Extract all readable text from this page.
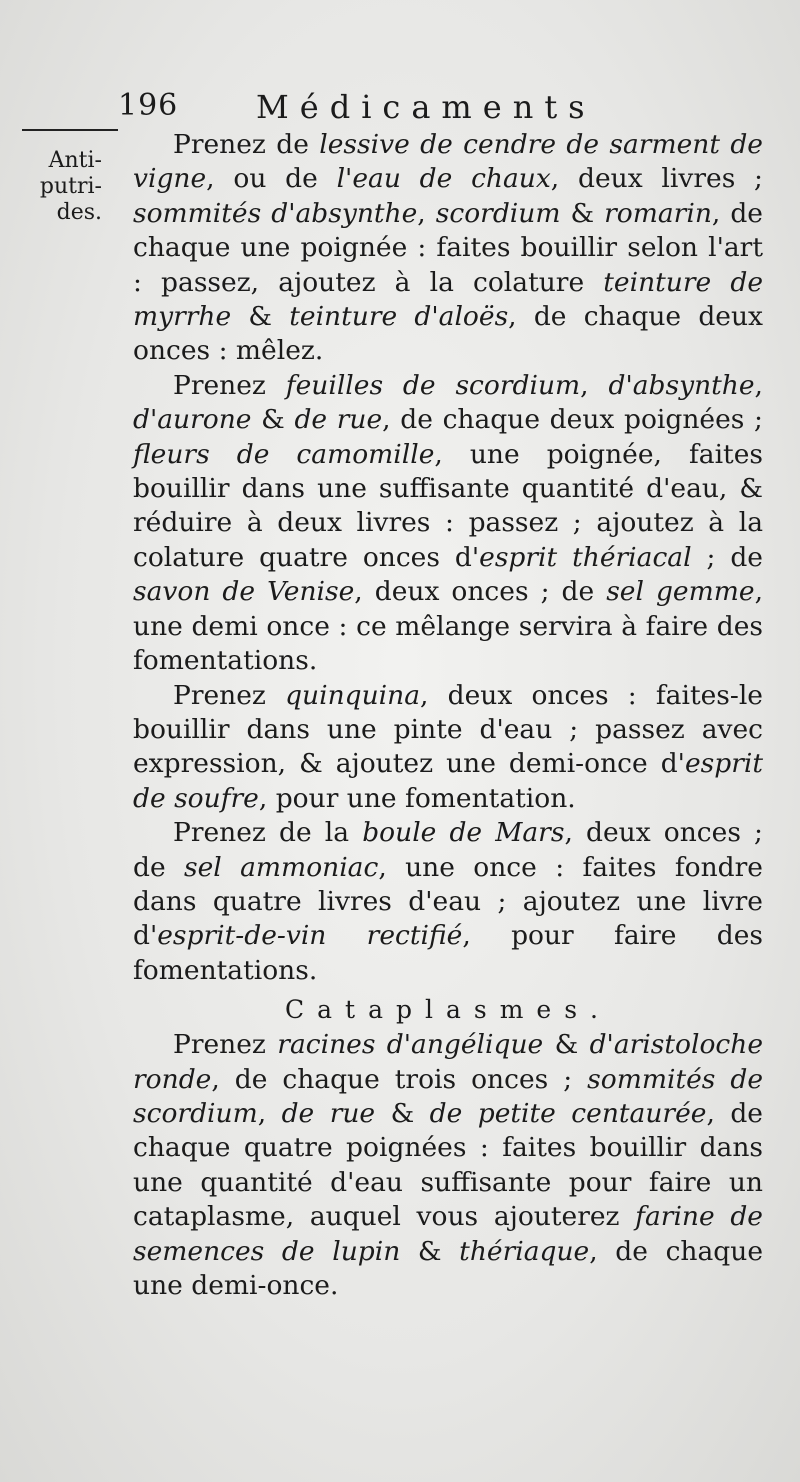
196 Médicaments
Anti-
putri-
des.

Prenez de lessive de cendre de sarment de vigne, ou de l'eau de chaux, deux livres ; sommités d'absynthe, scordium & romarin, de chaque une poignée : faites bouillir selon l'art : passez, ajoutez à la colature teinture de myrrhe & teinture d'aloës, de chaque deux onces : mêlez.

Prenez feuilles de scordium, d'absynthe, d'aurone & de rue, de chaque deux poignées ; fleurs de camomille, une poignée, faites bouillir dans une suffisante quantité d'eau, & réduire à deux livres : passez ; ajoutez à la colature quatre onces d'esprit thériacal ; de savon de Venise, deux onces ; de sel gemme, une demi once : ce mêlange servira à faire des fomentations.

Prenez quinquina, deux onces : faites-le bouillir dans une pinte d'eau ; passez avec expression, & ajoutez une demi-once d'esprit de soufre, pour une fomentation.

Prenez de la boule de Mars, deux onces ; de sel ammoniac, une once : faites fondre dans quatre livres d'eau ; ajoutez une livre d'esprit-de-vin rectifié, pour faire des fomentations.

Cataplasmes.

Prenez racines d'angélique & d'aristoloche ronde, de chaque trois onces ; sommités de scordium, de rue & de petite centaurée, de chaque quatre poignées : faites bouillir dans une quantité d'eau suffisante pour faire un cataplasme, auquel vous ajouterez farine de semences de lupin & thériaque, de chaque une demi-once.
